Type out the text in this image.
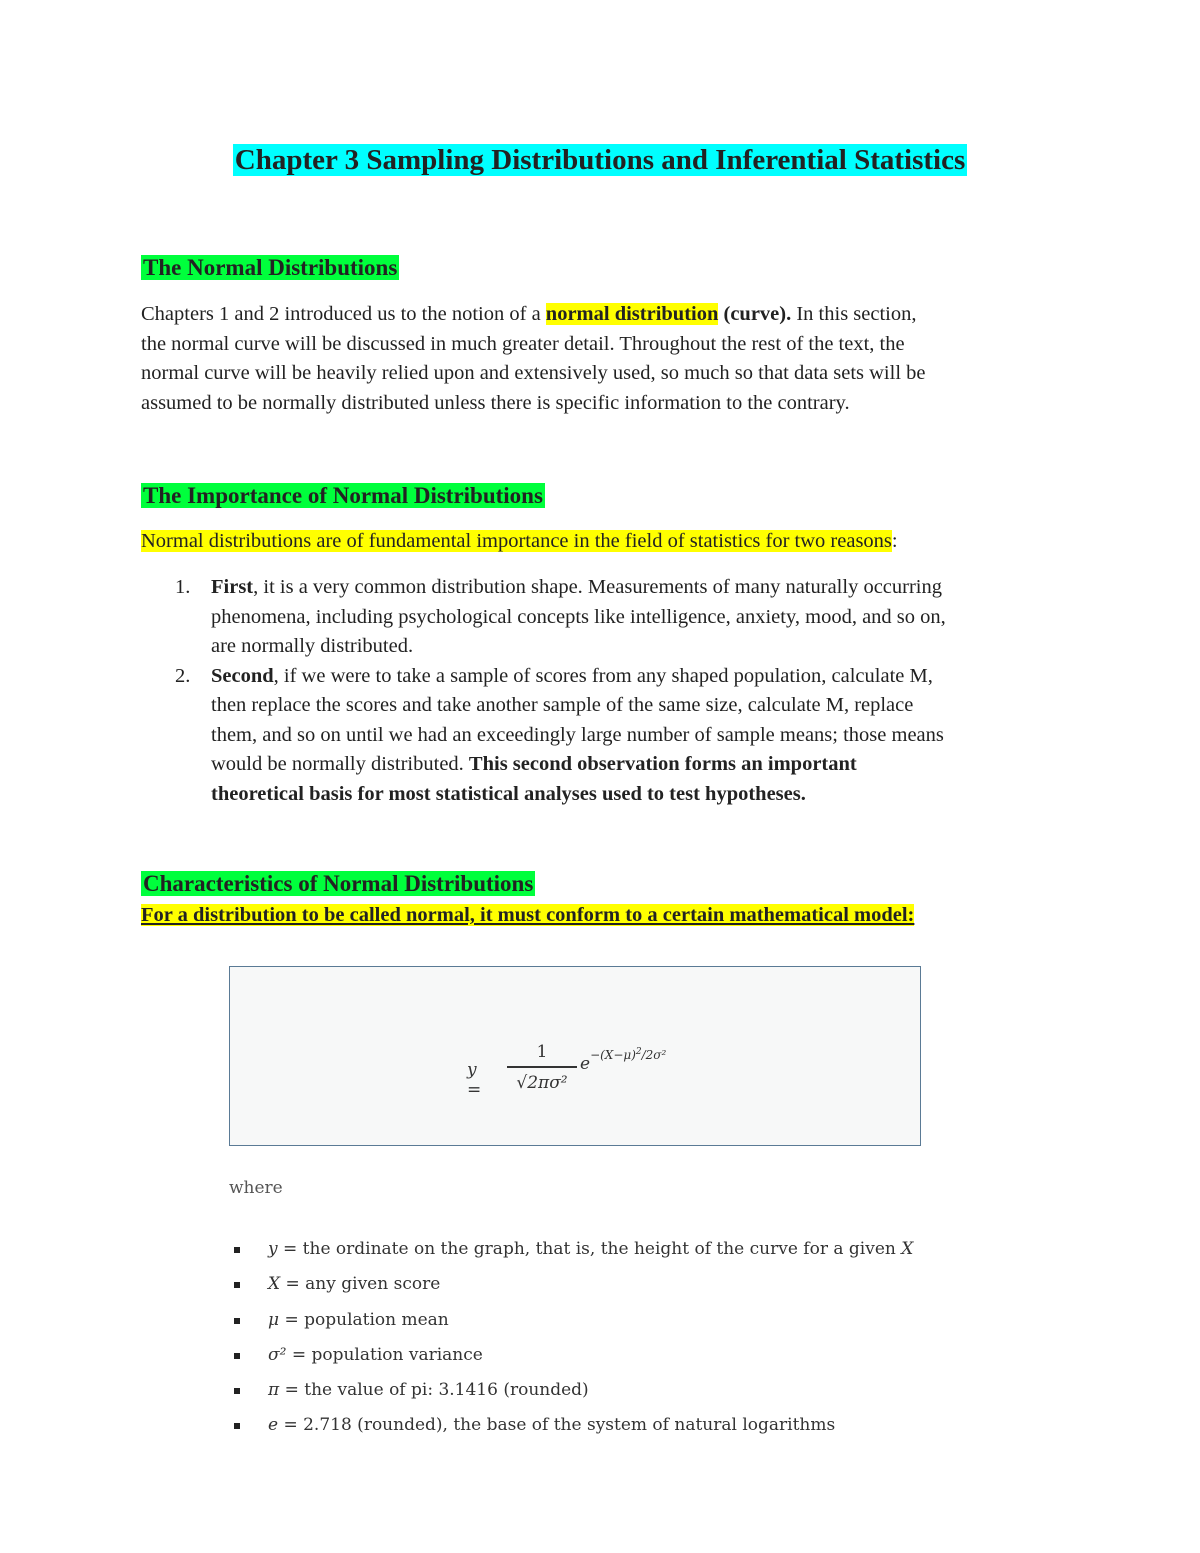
Chapter 3 Sampling Distributions and Inferential Statistics
The Normal Distributions
Chapters 1 and 2 introduced us to the notion of a normal distribution (curve). In this section,
the normal curve will be discussed in much greater detail. Throughout the rest of the text, the
normal curve will be heavily relied upon and extensively used, so much so that data sets will be
assumed to be normally distributed unless there is specific information to the contrary.
The Importance of Normal Distributions
Normal distributions are of fundamental importance in the field of statistics for two reasons:
1. First, it is a very common distribution shape. Measurements of many naturally occurring
phenomena, including psychological concepts like intelligence, anxiety, mood, and so on,
are normally distributed.
2. Second, if we were to take a sample of scores from any shaped population, calculate M,
then replace the scores and take another sample of the same size, calculate M, replace
them, and so on until we had an exceedingly large number of sample means; those means
would be normally distributed. This second observation forms an important
theoretical basis for most statistical analyses used to test hypotheses.
Characteristics of Normal Distributions
For a distribution to be called normal, it must conform to a certain mathematical model:
y =
1
√2πσ²
$e^{-(X-\mu)^2/2\sigma^2}$
where
y = the ordinate on the graph, that is, the height of the curve for a given X
X = any given score
μ = population mean
σ² = population variance
π = the value of pi: 3.1416 (rounded)
e = 2.718 (rounded), the base of the system of natural logarithms
